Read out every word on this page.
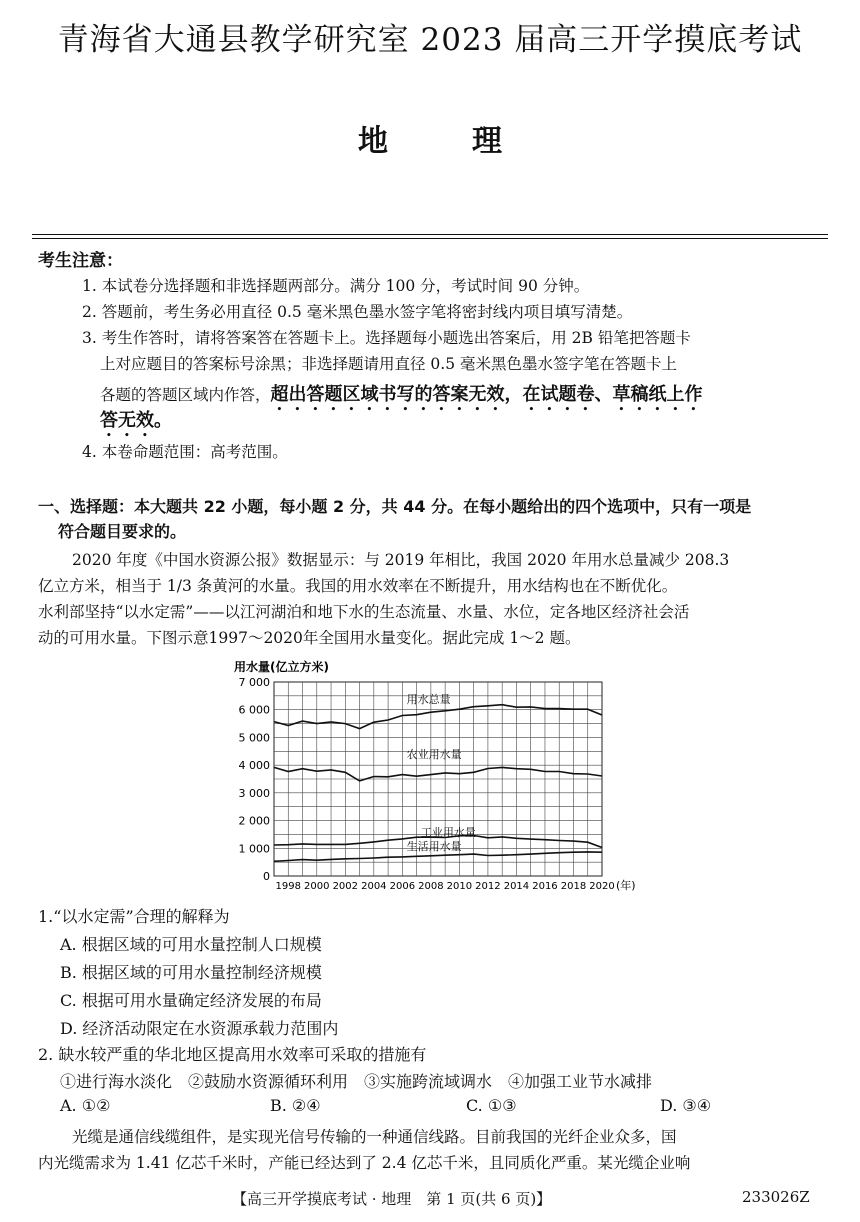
青海省大通县教学研究室 2023 届高三开学摸底考试
地	理
考生注意：
1. 本试卷分选择题和非选择题两部分。满分 100 分，考试时间 90 分钟。
2. 答题前，考生务必用直径 0.5 毫米黑色墨水签字笔将密封线内项目填写清楚。
3. 考生作答时，请将答案答在答题卡上。选择题每小题选出答案后，用 2B 铅笔把答题卡
上对应题目的答案标号涂黑；非选择题请用直径 0.5 毫米黑色墨水签字笔在答题卡上
各题的答题区域内作答，超出答题区域书写的答案无效，在试题卷、草稿纸上作
答无效。
4. 本卷命题范围：高考范围。
一、选择题：本大题共 22 小题，每小题 2 分，共 44 分。在每小题给出的四个选项中，只有一项是
符合题目要求的。
2020 年度《中国水资源公报》数据显示：与 2019 年相比，我国 2020 年用水总量减少 208.3
亿立方米，相当于 1/3 条黄河的水量。我国的用水效率在不断提升，用水结构也在不断优化。
水利部坚持“以水定需”——以江河湖泊和地下水的生态流量、水量、水位，定各地区经济社会活
动的可用水量。下图示意1997～2020年全国用水量变化。据此完成 1～2 题。
用水量(亿立方米)
0
1 000
2 000
3 000
4 000
5 000
6 000
7 000
1998 2000 2002 2004 2006 2008 2010 2012 2014 2016 2018 2020
用水总量
农业用水量
工业用水量
生活用水量
(年)
1.“以水定需”合理的解释为
A. 根据区域的可用水量控制人口规模
B. 根据区域的可用水量控制经济规模
C. 根据可用水量确定经济发展的布局
D. 经济活动限定在水资源承载力范围内
2. 缺水较严重的华北地区提高用水效率可采取的措施有
①进行海水淡化　②鼓励水资源循环利用　③实施跨流域调水　④加强工业节水减排
A. ①②	B. ②④	C. ①③	D. ③④
光缆是通信线缆组件，是实现光信号传输的一种通信线路。目前我国的光纤企业众多，国
内光缆需求为 1.41 亿芯千米时，产能已经达到了 2.4 亿芯千米，且同质化严重。某光缆企业响
【高三开学摸底考试 · 地理　第 1 页(共 6 页)】	233026Z
